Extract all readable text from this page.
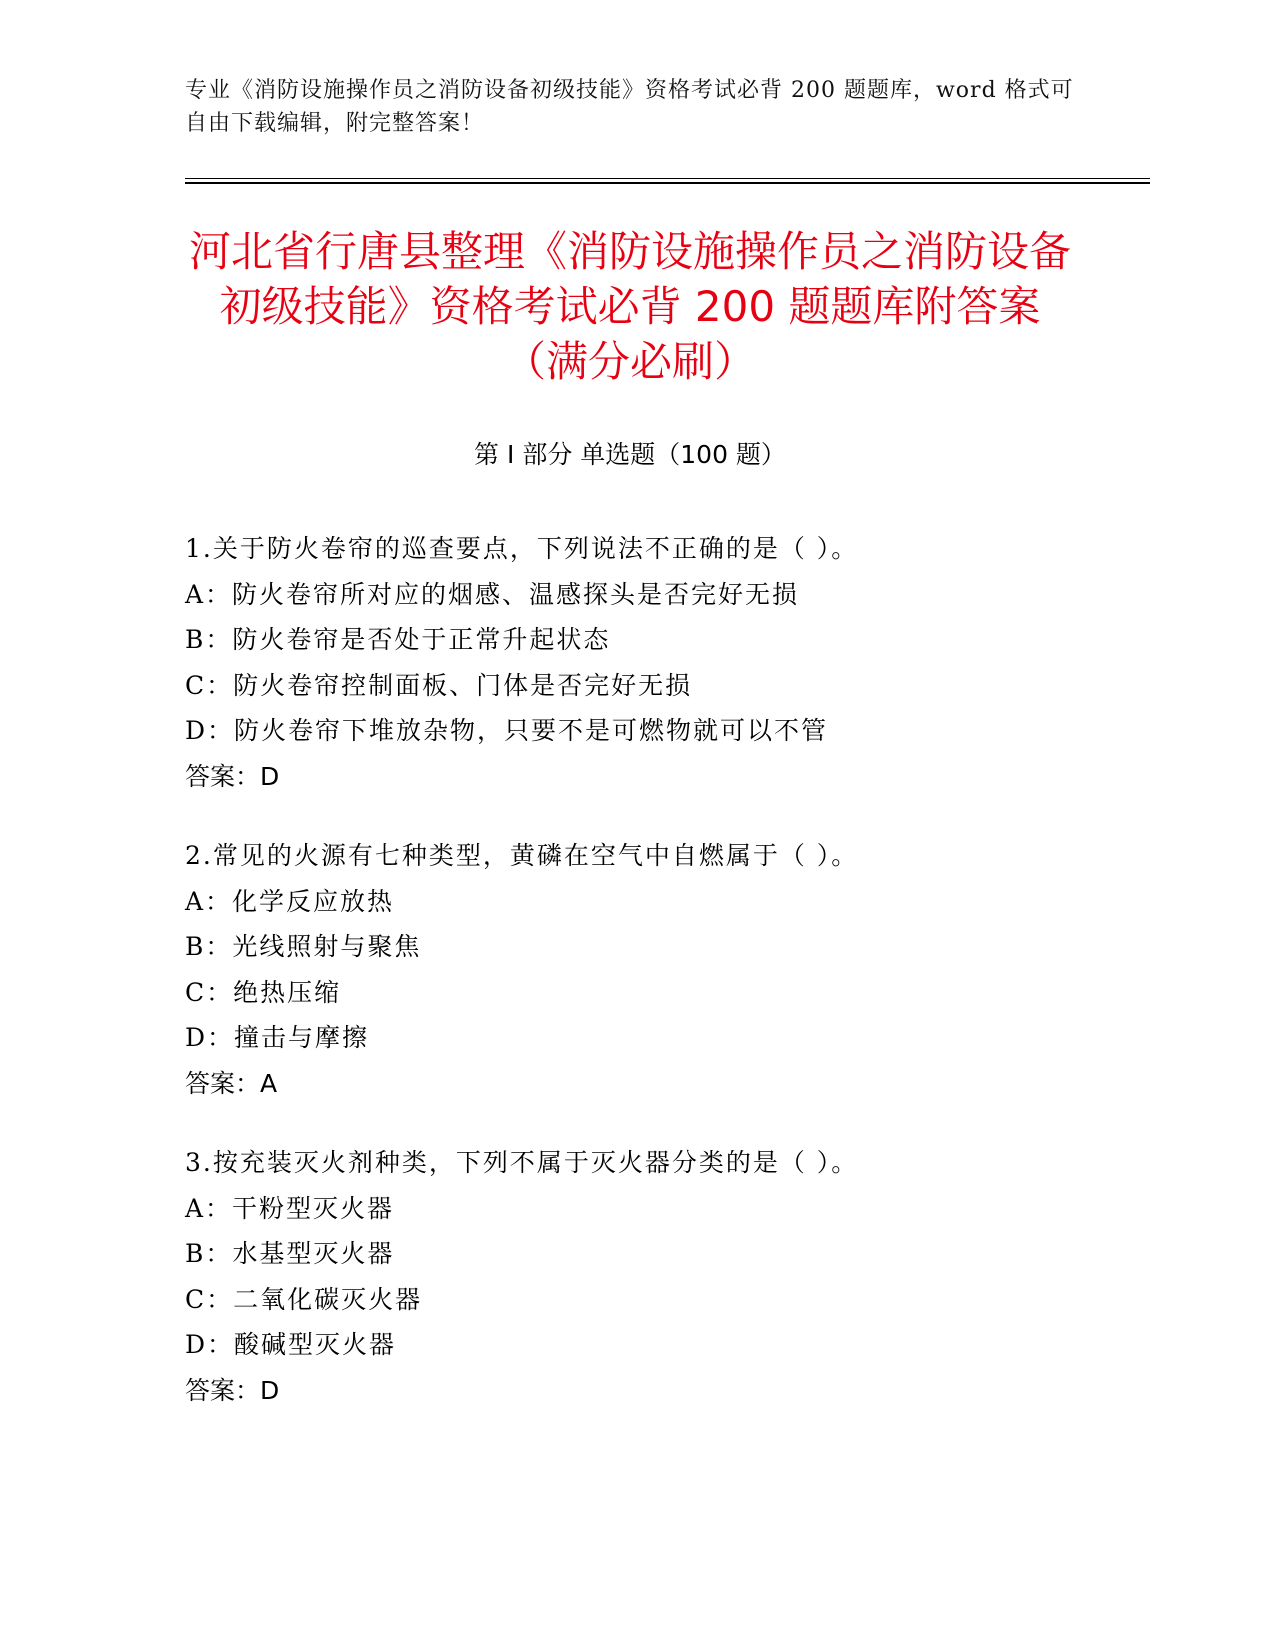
专业《消防设施操作员之消防设备初级技能》资格考试必背 200 题题库，word 格式可自由下载编辑，附完整答案！
河北省行唐县整理《消防设施操作员之消防设备初级技能》资格考试必背 200 题题库附答案（满分必刷）
第 I 部分 单选题（100 题）
1.关于防火卷帘的巡查要点，下列说法不正确的是（ ）。
A：防火卷帘所对应的烟感、温感探头是否完好无损
B：防火卷帘是否处于正常升起状态
C：防火卷帘控制面板、门体是否完好无损
D：防火卷帘下堆放杂物，只要不是可燃物就可以不管
答案：D
2.常见的火源有七种类型，黄磷在空气中自燃属于（ ）。
A：化学反应放热
B：光线照射与聚焦
C：绝热压缩
D：撞击与摩擦
答案：A
3.按充装灭火剂种类，下列不属于灭火器分类的是（ ）。
A：干粉型灭火器
B：水基型灭火器
C：二氧化碳灭火器
D：酸碱型灭火器
答案：D
